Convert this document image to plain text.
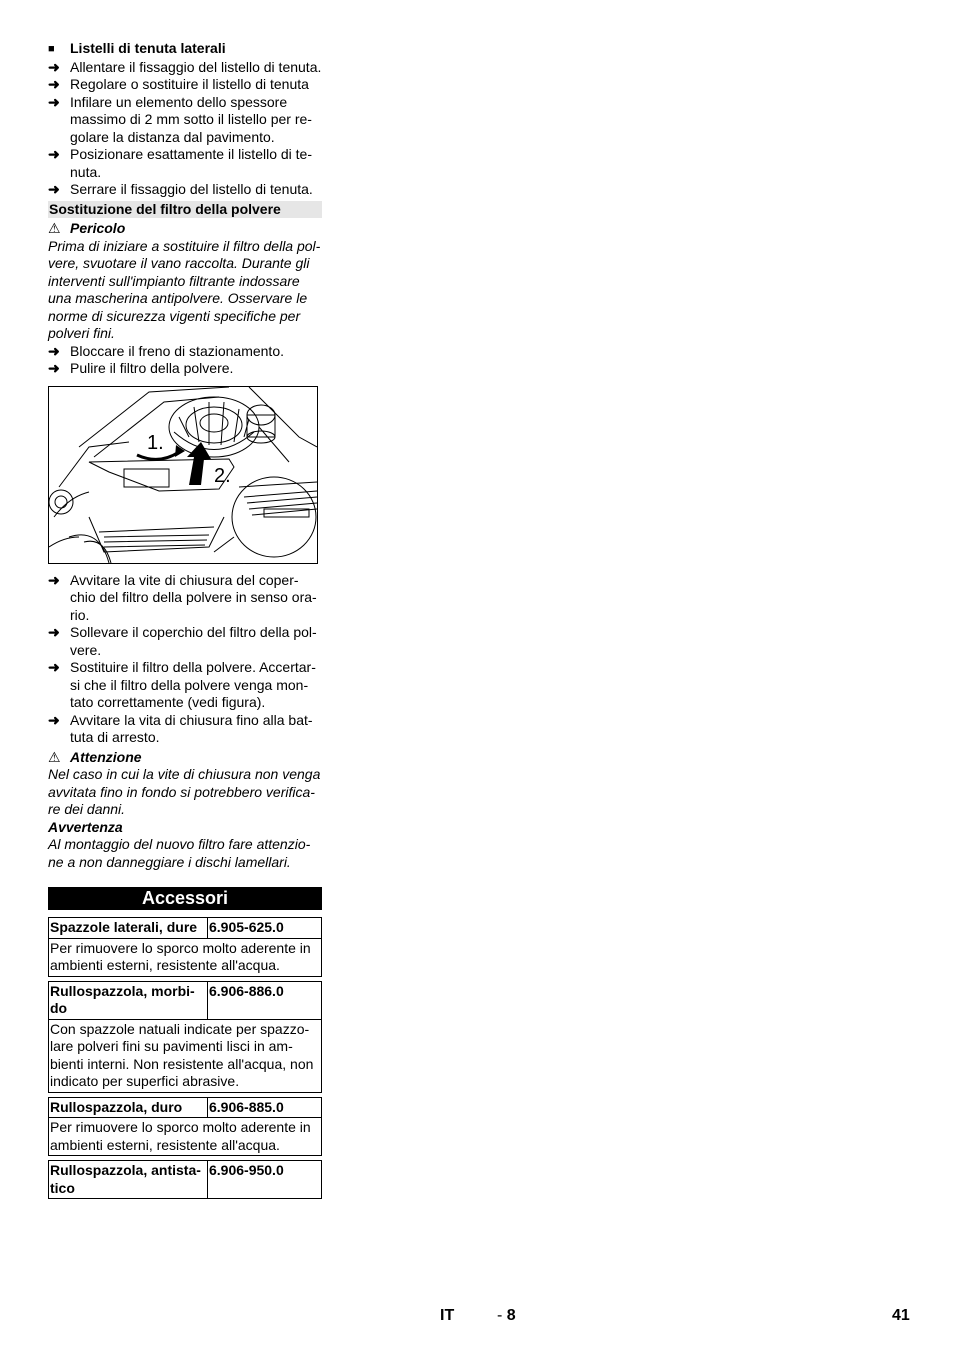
■	Listelli di tenuta laterali
➜ Allentare il fissaggio del listello di tenuta.
➜ Regolare o sostituire il listello di tenuta
➜ Infilare un elemento dello spessore massimo di 2 mm sotto il listello per re-golare la distanza dal pavimento.
➜ Posizionare esattamente il listello di te-nuta.
➜ Serrare il fissaggio del listello di tenuta.
Sostituzione del filtro della polvere
⚠ Pericolo
Prima di iniziare a sostituire il filtro della pol-vere, svuotare il vano raccolta. Durante gli interventi sull'impianto filtrante indossare una mascherina antipolvere. Osservare le norme di sicurezza vigenti specifiche per polveri fini.
➜ Bloccare il freno di stazionamento.
➜ Pulire il filtro della polvere.
1.
2.
➜ Avvitare la vite di chiusura del coper-chio del filtro della polvere in senso ora-rio.
➜ Sollevare il coperchio del filtro della pol-vere.
➜ Sostituire il filtro della polvere. Accertar-si che il filtro della polvere venga mon-tato correttamente (vedi figura).
➜ Avvitare la vita di chiusura fino alla bat-tuta di arresto.
⚠ Attenzione
Nel caso in cui la vite di chiusura non venga avvitata fino in fondo si potrebbero verifica-re dei danni.
Avvertenza
Al montaggio del nuovo filtro fare attenzio-ne a non danneggiare i dischi lamellari.
Accessori
Spazzole laterali, dure	6.905-625.0
Per rimuovere lo sporco molto aderente in ambienti esterni, resistente all'acqua.
Rullospazzola, morbi-do	6.906-886.0
Con spazzole natuali indicate per spazzo-lare polveri fini su pavimenti lisci in am-bienti interni. Non resistente all'acqua, non indicato per superfici abrasive.
Rullospazzola, duro	6.906-885.0
Per rimuovere lo sporco molto aderente in ambienti esterni, resistente all'acqua.
Rullospazzola, antista-tico	6.906-950.0
IT	- 8	41
